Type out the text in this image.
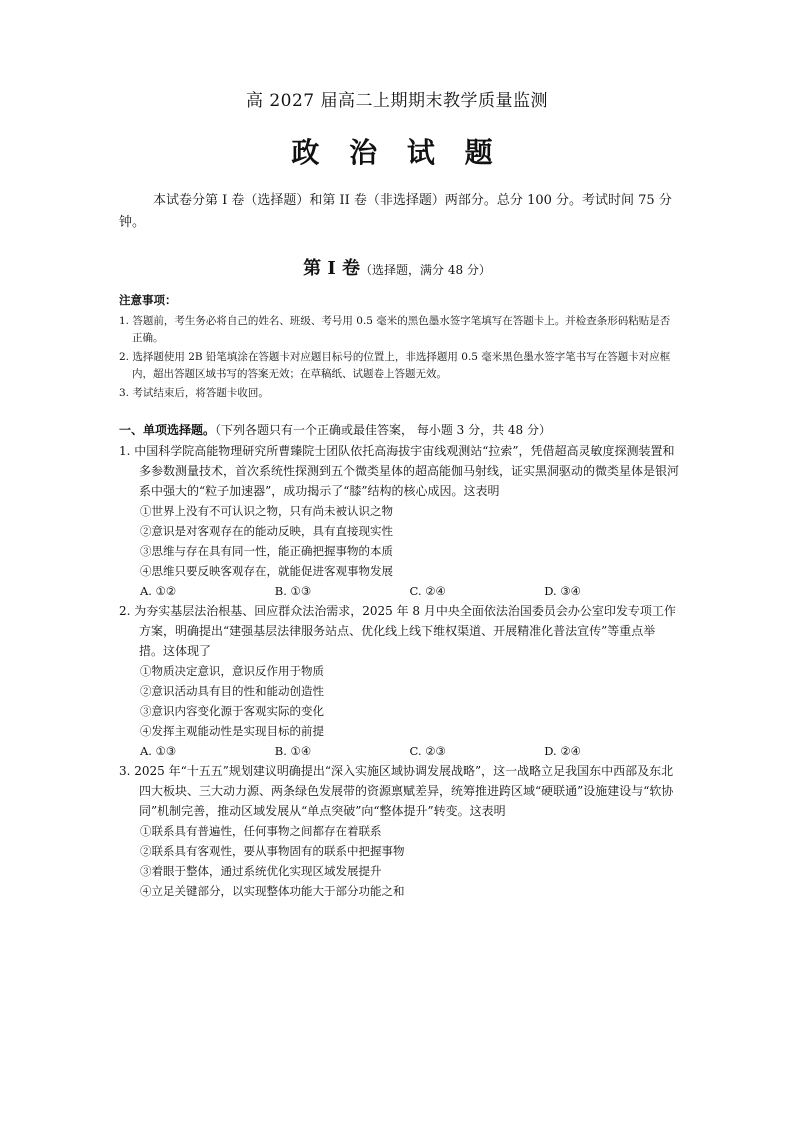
高 2027 届高二上期期末教学质量监测
政 治 试 题
本试卷分第 I 卷（选择题）和第 II 卷（非选择题）两部分。总分 100 分。考试时间 75 分钟。
第 I 卷（选择题，满分 48 分）
注意事项：

1. 答题前，考生务必将自己的姓名、班级、考号用 0.5 毫米的黑色墨水签字笔填写在答题卡上。并检查条形码粘贴是否正确。

2. 选择题使用 2B 铅笔填涂在答题卡对应题目标号的位置上，非选择题用 0.5 毫米黑色墨水签字笔书写在答题卡对应框内，超出答题区域书写的答案无效；在草稿纸、试题卷上答题无效。

3. 考试结束后，将答题卡收回。

一、单项选择题。（下列各题只有一个正确或最佳答案， 每小题 3 分，共 48 分）

1. 中国科学院高能物理研究所曹臻院士团队依托高海拔宇宙线观测站“拉索”，凭借超高灵敏度探测装置和多参数测量技术，首次系统性探测到五个微类星体的超高能伽马射线，证实黑洞驱动的微类星体是银河系中强大的“粒子加速器”，成功揭示了“膝”结构的核心成因。这表明

①世界上没有不可认识之物，只有尚未被认识之物

②意识是对客观存在的能动反映，具有直接现实性

③思维与存在具有同一性，能正确把握事物的本质

④思维只要反映客观存在，就能促进客观事物发展

A. ①②	B. ①③	C. ②④	D. ③④

2. 为夯实基层法治根基、回应群众法治需求，2025 年 8 月中央全面依法治国委员会办公室印发专项工作方案，明确提出“建强基层法律服务站点、优化线上线下维权渠道、开展精准化普法宣传”等重点举措。这体现了

①物质决定意识，意识反作用于物质

②意识活动具有目的性和能动创造性

③意识内容变化源于客观实际的变化

④发挥主观能动性是实现目标的前提

A. ①③	B. ①④	C. ②③	D. ②④

3. 2025 年“十五五”规划建议明确提出“深入实施区域协调发展战略”，这一战略立足我国东中西部及东北四大板块、三大动力源、两条绿色发展带的资源禀赋差异，统筹推进跨区域“硬联通”设施建设与“软协同”机制完善，推动区域发展从“单点突破”向“整体提升”转变。这表明

①联系具有普遍性，任何事物之间都存在着联系

②联系具有客观性，要从事物固有的联系中把握事物

③着眼于整体，通过系统优化实现区域发展提升

④立足关键部分，以实现整体功能大于部分功能之和
